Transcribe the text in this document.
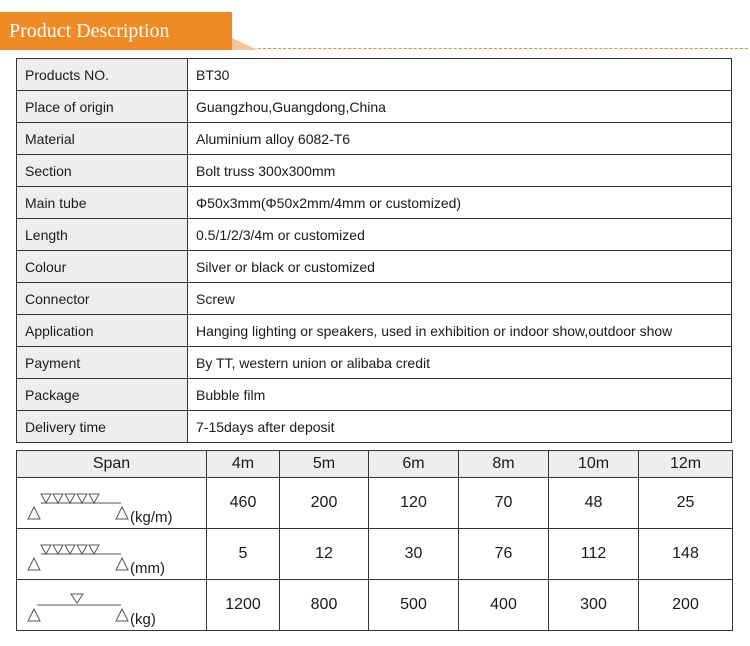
Product Description
Products NO.	BT30
Place of origin	Guangzhou,Guangdong,China
Material	Aluminium alloy 6082-T6
Section	Bolt truss 300x300mm
Main tube	Φ50x3mm(Φ50x2mm/4mm or customized)
Length	0.5/1/2/3/4m or customized
Colour	Silver or black or customized
Connector	Screw
Application	Hanging lighting or speakers, used in exhibition or indoor show,outdoor show
Payment	By TT, western union or alibaba credit
Package	Bubble film
Delivery time	7-15days after deposit
Span	4m	5m	6m	8m	10m	12m
(kg/m)	460	200	120	70	48	25
(mm)	5	12	30	76	112	148
(kg)	1200	800	500	400	300	200
